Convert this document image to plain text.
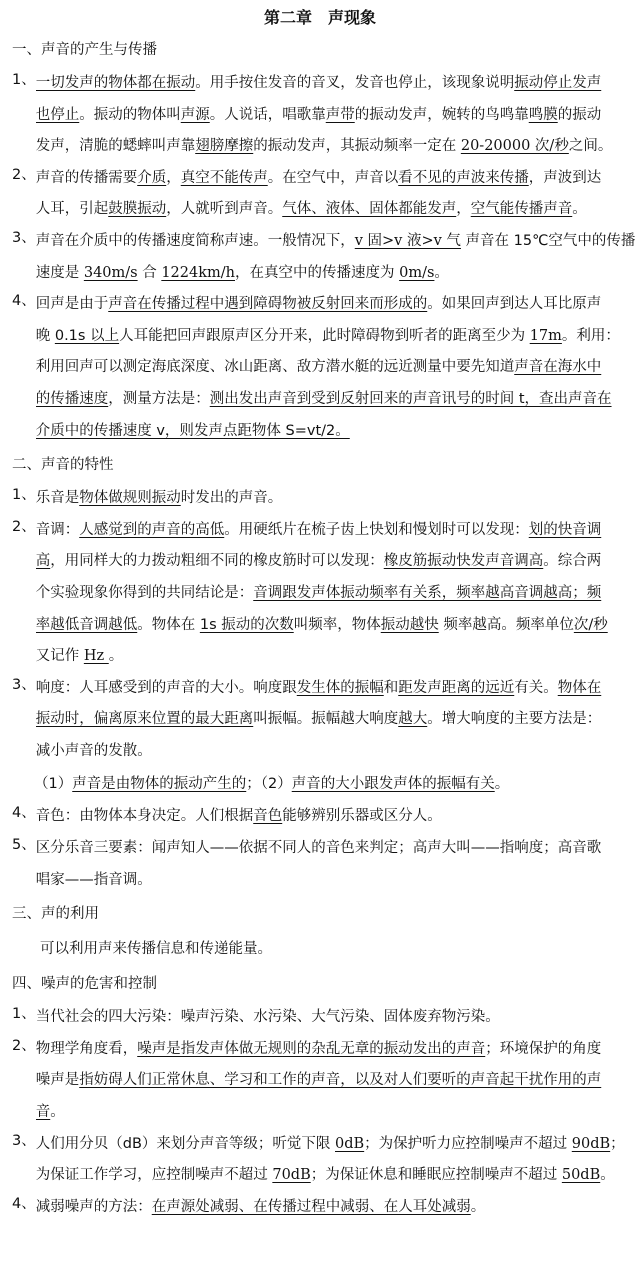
第二章　声现象
一、声音的产生与传播
1、 一切发声的物体都在振动。用手按住发音的音叉，发音也停止，该现象说明振动停止发声
也停止。振动的物体叫声源。人说话，唱歌靠声带的振动发声，婉转的鸟鸣靠鸣膜的振动
发声，清脆的蟋蟀叫声靠翅膀摩擦的振动发声，其振动频率一定在 20-20000 次/秒之间。
2、 声音的传播需要介质，真空不能传声。在空气中，声音以看不见的声波来传播，声波到达
人耳，引起鼓膜振动，人就听到声音。气体、液体、固体都能发声，空气能传播声音。
3、 声音在介质中的传播速度简称声速。一般情况下，v 固>v 液>v 气 声音在 15℃空气中的传播
速度是 340m/s 合 1224km/h，在真空中的传播速度为 0m/s。
4、 回声是由于声音在传播过程中遇到障碍物被反射回来而形成的。如果回声到达人耳比原声
晚 0.1s 以上人耳能把回声跟原声区分开来，此时障碍物到听者的距离至少为 17m。利用：
利用回声可以测定海底深度、冰山距离、敌方潜水艇的远近测量中要先知道声音在海水中
的传播速度，测量方法是：测出发出声音到受到反射回来的声音讯号的时间 t，查出声音在
介质中的传播速度 v，则发声点距物体 S=vt/2。
二、声音的特性
1、 乐音是物体做规则振动时发出的声音。
2、 音调：人感觉到的声音的高低。用硬纸片在梳子齿上快划和慢划时可以发现：划的快音调
高，用同样大的力拨动粗细不同的橡皮筋时可以发现：橡皮筋振动快发声音调高。综合两
个实验现象你得到的共同结论是：音调跟发声体振动频率有关系，频率越高音调越高；频
率越低音调越低。物体在 1s 振动的次数叫频率，物体振动越快 频率越高。频率单位次/秒
又记作 Hz 。
3、 响度：人耳感受到的声音的大小。响度跟发生体的振幅和距发声距离的远近有关。物体在
振动时，偏离原来位置的最大距离叫振幅。振幅越大响度越大。增大响度的主要方法是：
减小声音的发散。
（1）声音是由物体的振动产生的；（2）声音的大小跟发声体的振幅有关。
4、 音色：由物体本身决定。人们根据音色能够辨别乐器或区分人。
5、 区分乐音三要素：闻声知人——依据不同人的音色来判定；高声大叫——指响度；高音歌
唱家——指音调。
三、声的利用
可以利用声来传播信息和传递能量。
四、噪声的危害和控制
1、 当代社会的四大污染：噪声污染、水污染、大气污染、固体废弃物污染。
2、 物理学角度看，噪声是指发声体做无规则的杂乱无章的振动发出的声音；环境保护的角度
噪声是指妨碍人们正常休息、学习和工作的声音，以及对人们要听的声音起干扰作用的声
音。
3、 人们用分贝（dB）来划分声音等级；听觉下限 0dB；为保护听力应控制噪声不超过 90dB；
为保证工作学习，应控制噪声不超过 70dB；为保证休息和睡眠应控制噪声不超过 50dB。
4、 减弱噪声的方法：在声源处减弱、在传播过程中减弱、在人耳处减弱。
